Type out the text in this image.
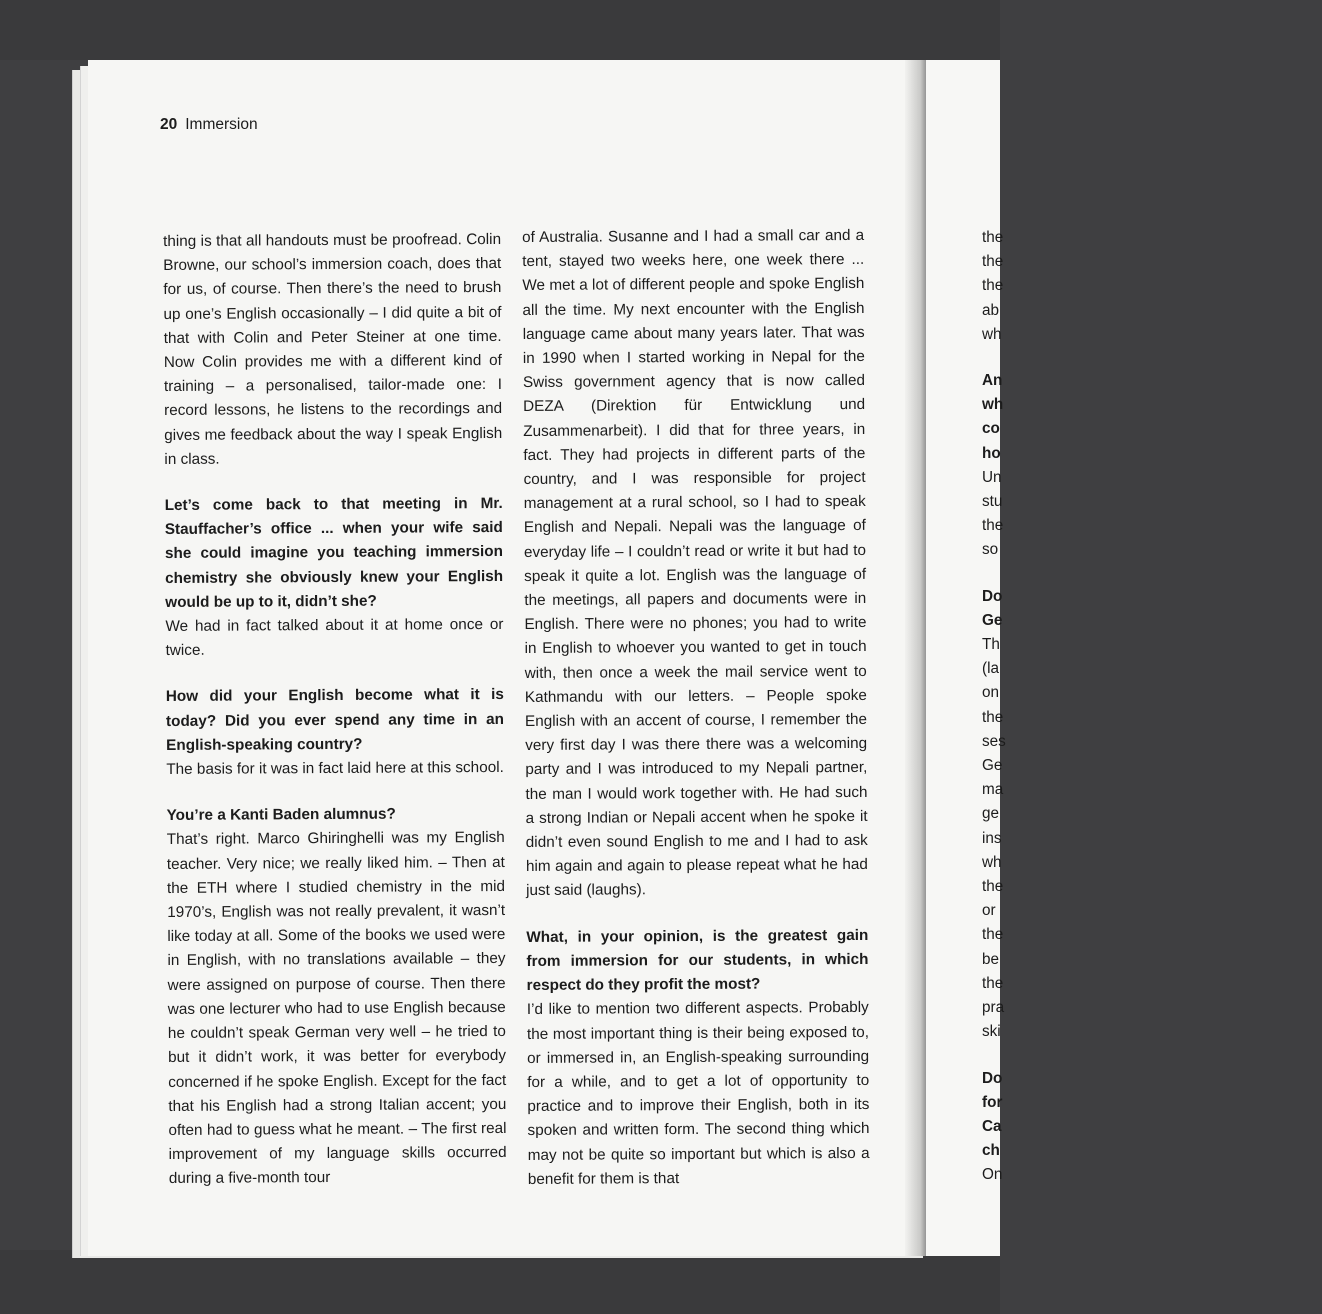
20 Immersion

thing is that all handouts must be proofread. Colin Browne, our school’s immersion coach, does that for us, of course. Then there’s the need to brush up one’s English occasionally – I did quite a bit of that with Colin and Peter Steiner at one time. Now Colin provides me with a different kind of training – a personalised, tailor-made one: I record lessons, he listens to the recordings and gives me feedback about the way I speak English in class.

Let’s come back to that meeting in Mr. Stauffacher’s office ... when your wife said she could imagine you teaching immersion chemistry she obviously knew your English would be up to it, didn’t she?

We had in fact talked about it at home once or twice.

How did your English become what it is today? Did you ever spend any time in an English-speaking country?

The basis for it was in fact laid here at this school.

You’re a Kanti Baden alumnus?

That’s right. Marco Ghiringhelli was my English teacher. Very nice; we really liked him. – Then at the ETH where I studied chemistry in the mid 1970’s, English was not really prevalent, it wasn’t like today at all. Some of the books we used were in English, with no translations available – they were assigned on purpose of course. Then there was one lecturer who had to use English because he couldn’t speak German very well – he tried to but it didn’t work, it was better for everybody concerned if he spoke English. Except for the fact that his English had a strong Italian accent; you often had to guess what he meant. – The first real improvement of my language skills occurred during a five-month tour

of Australia. Susanne and I had a small car and a tent, stayed two weeks here, one week there ... We met a lot of different people and spoke English all the time. My next encounter with the English language came about many years later. That was in 1990 when I started working in Nepal for the Swiss government agency that is now called DEZA (Direktion für Entwicklung und Zusammenarbeit). I did that for three years, in fact. They had projects in different parts of the country, and I was responsible for project management at a rural school, so I had to speak English and Nepali. Nepali was the language of everyday life – I couldn’t read or write it but had to speak it quite a lot. English was the language of the meetings, all papers and documents were in English. There were no phones; you had to write in English to whoever you wanted to get in touch with, then once a week the mail service went to Kathmandu with our letters. – People spoke English with an accent of course, I remember the very first day I was there there was a welcoming party and I was introduced to my Nepali partner, the man I would work together with. He had such a strong Indian or Nepali accent when he spoke it didn’t even sound English to me and I had to ask him again and again to please repeat what he had just said (laughs).

What, in your opinion, is the greatest gain from immersion for our students, in which respect do they profit the most?

I’d like to mention two different aspects. Probably the most important thing is their being exposed to, or immersed in, an English-speaking surrounding for a while, and to get a lot of opportunity to practice and to improve their English, both in its spoken and written form. The second thing which may not be quite so important but which is also a benefit for them is that

the
the
the
ab
wh
An
wh
co
ho
Un
stu
the
so
Do
Ge
Th
(la
on
the
ses
Ge
ma
ge
ins
wh
the
or
the
be
the
pra
ski
Do
for
Ca
ch
On
